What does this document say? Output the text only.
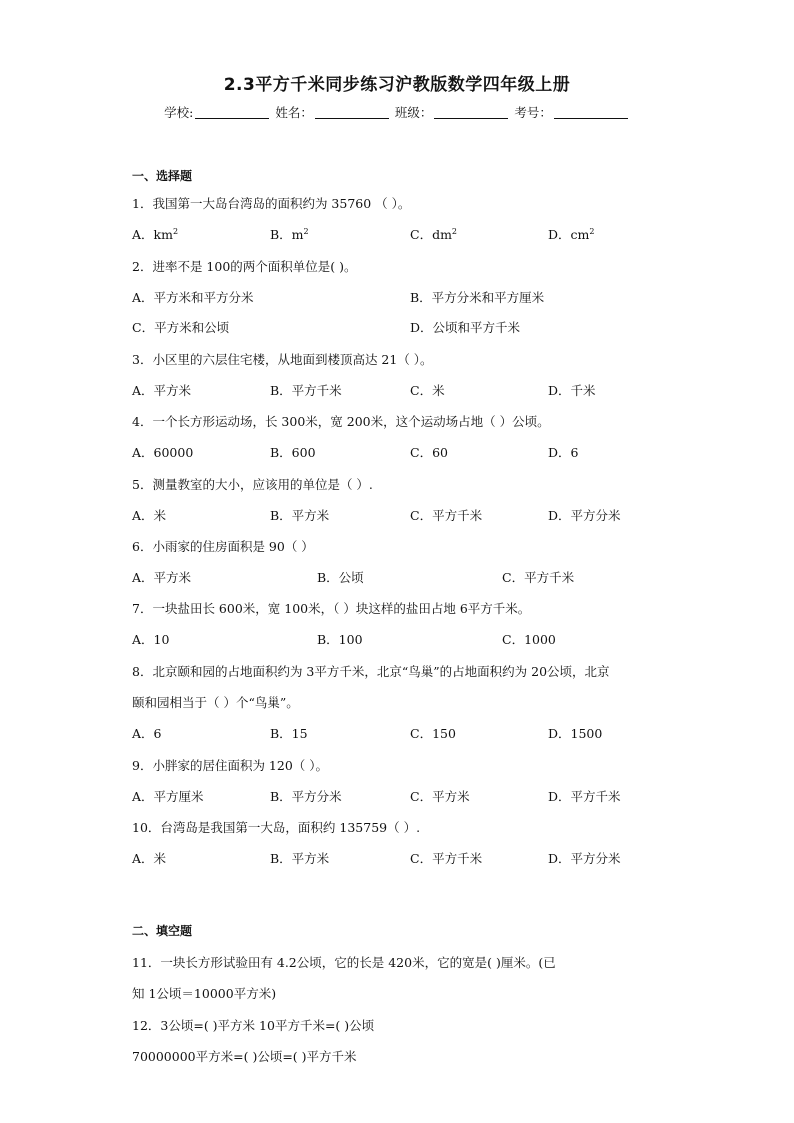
2.3平方千米同步练习沪教版数学四年级上册
学校:	姓名：	班级：	考号：
一、选择题
1．我国第一大岛台湾岛的面积约为 35760 （ ）。
A．$km^2$	B．$m^2$	C．$dm^2$	D．$cm^2$
2．进率不是 100的两个面积单位是( )。
A．平方米和平方分米	B．平方分米和平方厘米
C．平方米和公顷	D．公顷和平方千米
3．小区里的六层住宅楼，从地面到楼顶高达 21（ ）。
A．平方米	B．平方千米	C．米	D．千米
4．一个长方形运动场，长 300米，宽 200米，这个运动场占地（ ）公顷。
A．60000	B．600	C．60	D．6
5．测量教室的大小，应该用的单位是（ ）.
A．米	B．平方米	C．平方千米	D．平方分米
6．小雨家的住房面积是 90（ ）
A．平方米	B．公顷	C．平方千米
7．一块盐田长 600米，宽 100米，（ ）块这样的盐田占地 6平方千米。
A．10	B．100	C．1000
8．北京颐和园的占地面积约为 3平方千米，北京“鸟巢”的占地面积约为 20公顷，北京
颐和园相当于（ ）个“鸟巢”。
A．6	B．15	C．150	D．1500
9．小胖家的居住面积为 120（ ）。
A．平方厘米	B．平方分米	C．平方米	D．平方千米
10．台湾岛是我国第一大岛，面积约 135759（ ）.
A．米	B．平方米	C．平方千米	D．平方分米
二、填空题
11．一块长方形试验田有 4.2公顷，它的长是 420米，它的宽是( )厘米。(已
知 1公顷＝10000平方米)
12．3公顷=( )平方米 10平方千米=( )公顷
70000000平方米=( )公顷=( )平方千米
